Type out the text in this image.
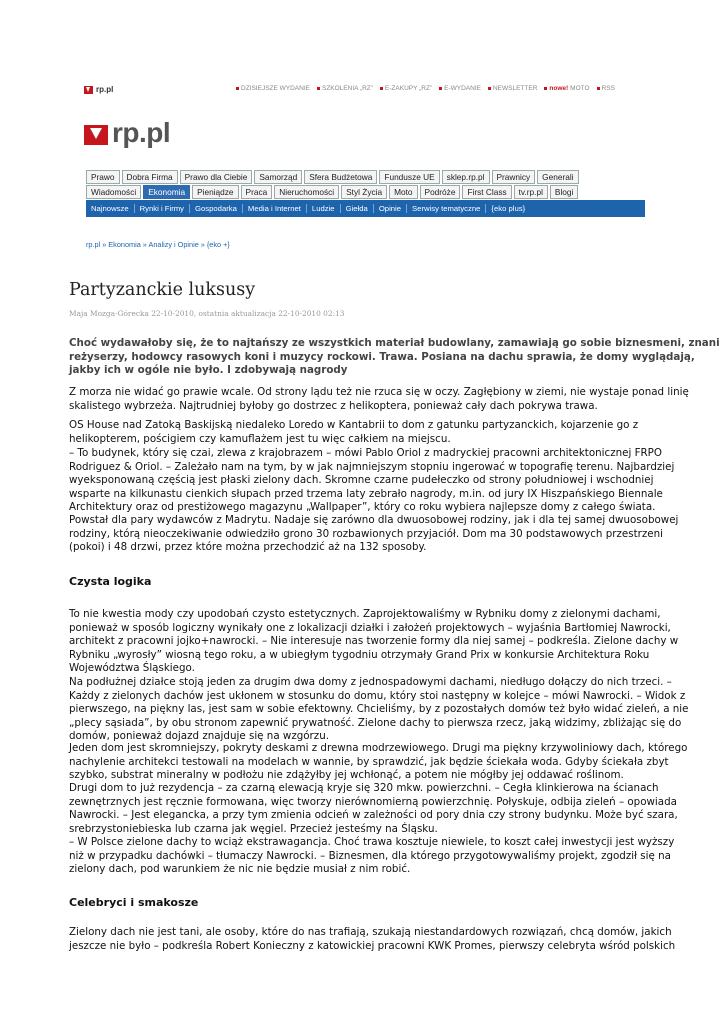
rp.pl	DZISIEJSZE WYDANIE SZKOLENIA „RZ” E-ZAKUPY „RZ” E-WYDANIE NEWSLETTER nowe! MOTO RSS
rp.pl
Prawo	Dobra Firma	Prawo dla Ciebie	Samorząd	Sfera Budżetowa	Fundusze UE	sklep.rp.pl	Prawnicy	Generali
Wiadomości	Ekonomia	Pieniądze	Praca	Nieruchomości	Styl Życia	Moto	Podróże	First Class	tv.rp.pl	Blogi
Najnowsze	Rynki i Firmy	Gospodarka	Media i Internet	Ludzie	Giełda	Opinie	Serwisy tematyczne	{eko plus}
rp.pl » Ekonomia » Analizy i Opinie » {eko +}
Partyzanckie luksusy
Maja Mozga-Górecka 22-10-2010, ostatnia aktualizacja 22-10-2010 02:13
Choć wydawałoby się, że to najtańszy ze wszystkich materiał budowlany, zamawiają go sobie biznesmeni, znani
reżyserzy, hodowcy rasowych koni i muzycy rockowi. Trawa. Posiana na dachu sprawia, że domy wyglądają,
jakby ich w ogóle nie było. I zdobywają nagrody
Z morza nie widać go prawie wcale. Od strony lądu też nie rzuca się w oczy. Zagłębiony w ziemi, nie wystaje ponad linię
skalistego wybrzeża. Najtrudniej byłoby go dostrzec z helikoptera, ponieważ cały dach pokrywa trawa.
OS House nad Zatoką Baskijską niedaleko Loredo w Kantabrii to dom z gatunku partyzanckich, kojarzenie go z
helikopterem, pościgiem czy kamuflażem jest tu więc całkiem na miejscu.
– To budynek, który się czai, zlewa z krajobrazem – mówi Pablo Oriol z madryckiej pracowni architektonicznej FRPO
Rodriguez & Oriol. – Zależało nam na tym, by w jak najmniejszym stopniu ingerować w topografię terenu. Najbardziej
wyeksponowaną częścią jest płaski zielony dach. Skromne czarne pudełeczko od strony południowej i wschodniej
wsparte na kilkunastu cienkich słupach przed trzema laty zebrało nagrody, m.in. od jury IX Hiszpańskiego Biennale
Architektury oraz od prestiżowego magazynu „Wallpaper”, który co roku wybiera najlepsze domy z całego świata.
Powstał dla pary wydawców z Madrytu. Nadaje się zarówno dla dwuosobowej rodziny, jak i dla tej samej dwuosobowej
rodziny, którą nieoczekiwanie odwiedziło grono 30 rozbawionych przyjaciół. Dom ma 30 podstawowych przestrzeni
(pokoi) i 48 drzwi, przez które można przechodzić aż na 132 sposoby.
Czysta logika
To nie kwestia mody czy upodobań czysto estetycznych. Zaprojektowaliśmy w Rybniku domy z zielonymi dachami,
ponieważ w sposób logiczny wynikały one z lokalizacji działki i założeń projektowych – wyjaśnia Bartłomiej Nawrocki,
architekt z pracowni jojko+nawrocki. – Nie interesuje nas tworzenie formy dla niej samej – podkreśla. Zielone dachy w
Rybniku „wyrosły” wiosną tego roku, a w ubiegłym tygodniu otrzymały Grand Prix w konkursie Architektura Roku
Województwa Śląskiego.
Na podłużnej działce stoją jeden za drugim dwa domy z jednospadowymi dachami, niedługo dołączy do nich trzeci. –
Każdy z zielonych dachów jest ukłonem w stosunku do domu, który stoi następny w kolejce – mówi Nawrocki. – Widok z
pierwszego, na piękny las, jest sam w sobie efektowny. Chcieliśmy, by z pozostałych domów też było widać zieleń, a nie
„plecy sąsiada”, by obu stronom zapewnić prywatność. Zielone dachy to pierwsza rzecz, jaką widzimy, zbliżając się do
domów, ponieważ dojazd znajduje się na wzgórzu.
Jeden dom jest skromniejszy, pokryty deskami z drewna modrzewiowego. Drugi ma piękny krzywoliniowy dach, którego
nachylenie architekci testowali na modelach w wannie, by sprawdzić, jak będzie ściekała woda. Gdyby ściekała zbyt
szybko, substrat mineralny w podłożu nie zdążyłby jej wchłonąć, a potem nie mógłby jej oddawać roślinom.
Drugi dom to już rezydencja – za czarną elewacją kryje się 320 mkw. powierzchni. – Cegła klinkierowa na ścianach
zewnętrznych jest ręcznie formowana, więc tworzy nierównomierną powierzchnię. Połyskuje, odbija zieleń – opowiada
Nawrocki. – Jest elegancka, a przy tym zmienia odcień w zależności od pory dnia czy strony budynku. Może być szara,
srebrzystoniebieska lub czarna jak węgiel. Przecież jesteśmy na Śląsku.
– W Polsce zielone dachy to wciąż ekstrawagancja. Choć trawa kosztuje niewiele, to koszt całej inwestycji jest wyższy
niż w przypadku dachówki – tłumaczy Nawrocki. – Biznesmen, dla którego przygotowywaliśmy projekt, zgodził się na
zielony dach, pod warunkiem że nic nie będzie musiał z nim robić.
Celebryci i smakosze
Zielony dach nie jest tani, ale osoby, które do nas trafiają, szukają niestandardowych rozwiązań, chcą domów, jakich
jeszcze nie było – podkreśla Robert Konieczny z katowickiej pracowni KWK Promes, pierwszy celebryta wśród polskich
